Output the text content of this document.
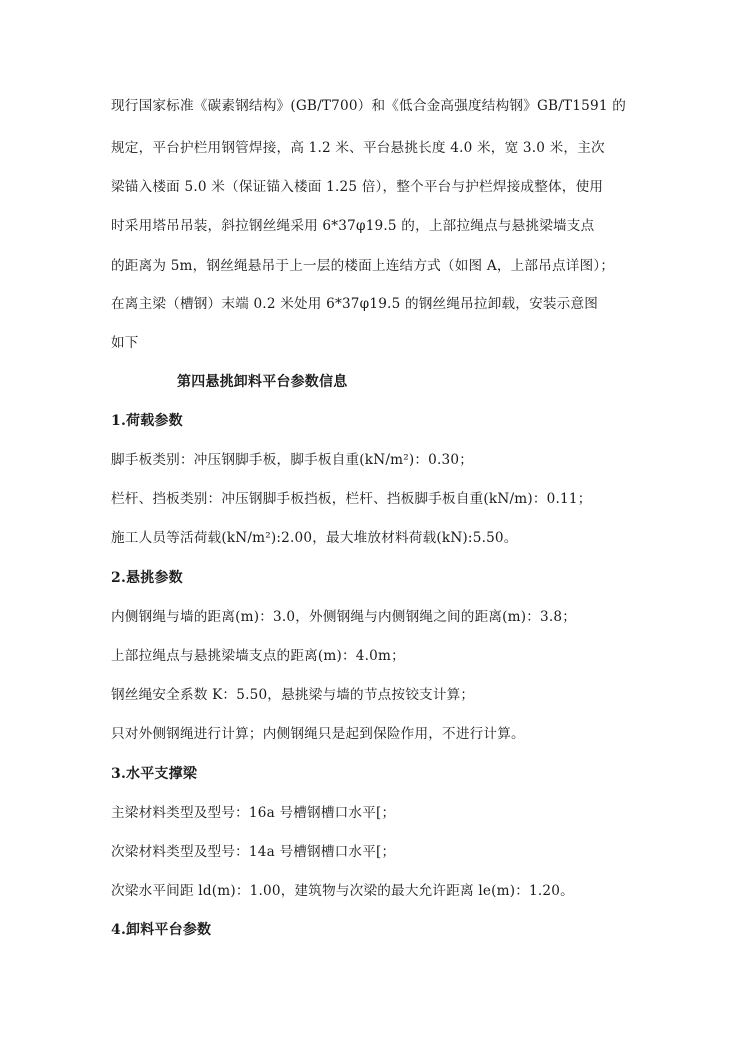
现行国家标准《碳素钢结构》(GB/T700）和《低合金高强度结构钢》GB/T1591 的
规定，平台护栏用钢管焊接，高 1.2 米、平台悬挑长度 4.0 米，宽 3.0 米，主次
梁锚入楼面 5.0 米（保证锚入楼面 1.25 倍），整个平台与护栏焊接成整体，使用
时采用塔吊吊装，斜拉钢丝绳采用 6*37φ19.5 的，上部拉绳点与悬挑梁墙支点
的距离为 5m，钢丝绳悬吊于上一层的楼面上连结方式（如图 A，上部吊点详图）；
在离主梁（槽钢）末端 0.2 米处用 6*37φ19.5 的钢丝绳吊拉卸载，安装示意图
如下
第四悬挑卸料平台参数信息
1.荷载参数
脚手板类别：冲压钢脚手板，脚手板自重(kN/m²)：0.30；
栏杆、挡板类别：冲压钢脚手板挡板，栏杆、挡板脚手板自重(kN/m)：0.11；
施工人员等活荷载(kN/m²):2.00，最大堆放材料荷载(kN):5.50。
2.悬挑参数
内侧钢绳与墙的距离(m)：3.0，外侧钢绳与内侧钢绳之间的距离(m)：3.8；
上部拉绳点与悬挑梁墙支点的距离(m)：4.0m；
钢丝绳安全系数 K：5.50，悬挑梁与墙的节点按铰支计算；
只对外侧钢绳进行计算；内侧钢绳只是起到保险作用，不进行计算。
3.水平支撑梁
主梁材料类型及型号：16a 号槽钢槽口水平[；
次梁材料类型及型号：14a 号槽钢槽口水平[；
次梁水平间距 ld(m)：1.00，建筑物与次梁的最大允许距离 le(m)：1.20。
4.卸料平台参数
